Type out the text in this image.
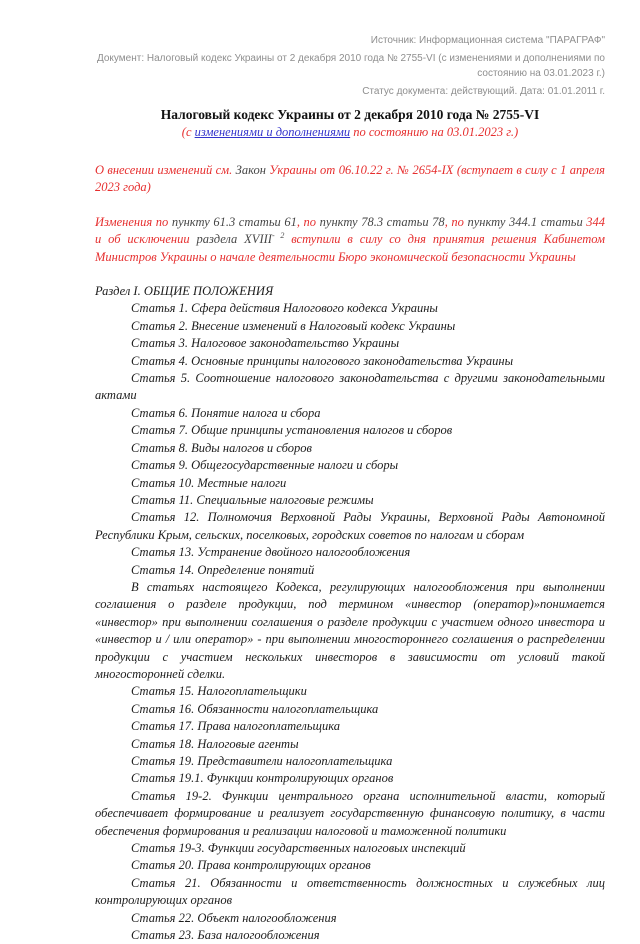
Источник: Информационная система "ПАРАГРАФ"
Документ: Налоговый кодекс Украины от 2 декабря 2010 года № 2755-VI (с изменениями и дополнениями по состоянию на 03.01.2023 г.)
Статус документа: действующий. Дата: 01.01.2011 г.
Налоговый кодекс Украины от 2 декабря 2010 года № 2755-VI
(с изменениями и дополнениями по состоянию на 03.01.2023 г.)

О внесении изменений см. Закон Украины от 06.10.22 г. № 2654-IX (вступает в силу с 1 апреля 2023 года)

Изменения по пункту 61.3 статьи 61, по пункту 78.3 статьи 78, по пункту 344.1 статьи 344 и об исключении раздела $XVIII^{- 2}$ вступили в силу со дня принятия решения Кабинетом Министров Украины о начале деятельности Бюро экономической безопасности Украины

Раздел I. ОБЩИЕ ПОЛОЖЕНИЯ
Статья 1. Сфера действия Налогового кодекса Украины
Статья 2. Внесение изменений в Налоговый кодекс Украины
Статья 3. Налоговое законодательство Украины
Статья 4. Основные принципы налогового законодательства Украины
Статья 5. Соотношение налогового законодательства с другими законодательными актами
Статья 6. Понятие налога и сбора
Статья 7. Общие принципы установления налогов и сборов
Статья 8. Виды налогов и сборов
Статья 9. Общегосударственные налоги и сборы
Статья 10. Местные налоги
Статья 11. Специальные налоговые режимы
Статья 12. Полномочия Верховной Рады Украины, Верховной Рады Автономной Республики Крым, сельских, поселковых, городских советов по налогам и сборам
Статья 13. Устранение двойного налогообложения
Статья 14. Определение понятий
В статьях настоящего Кодекса, регулирующих налогообложения при выполнении соглашения о разделе продукции, под термином «инвестор (оператор)»понимается «инвестор» при выполнении соглашения о разделе продукции с участием одного инвестора и «инвестор и / или оператор» - при выполнении многостороннего соглашения о распределении продукции с участием нескольких инвесторов в зависимости от условий такой многосторонней сделки.
Статья 15. Налогоплательщики
Статья 16. Обязанности налогоплательщика
Статья 17. Права налогоплательщика
Статья 18. Налоговые агенты
Статья 19. Представители налогоплательщика
Статья 19.1. Функции контролирующих органов
Статья 19-2. Функции центрального органа исполнительной власти, который обеспечивает формирование и реализует государственную финансовую политику, в части обеспечения формирования и реализации налоговой и таможенной политики
Статья 19-3. Функции государственных налоговых инспекций
Статья 20. Права контролирующих органов
Статья 21. Обязанности и ответственность должностных и служебных лиц контролирующих органов
Статья 22. Объект налогообложения
Статья 23. База налогообложения
